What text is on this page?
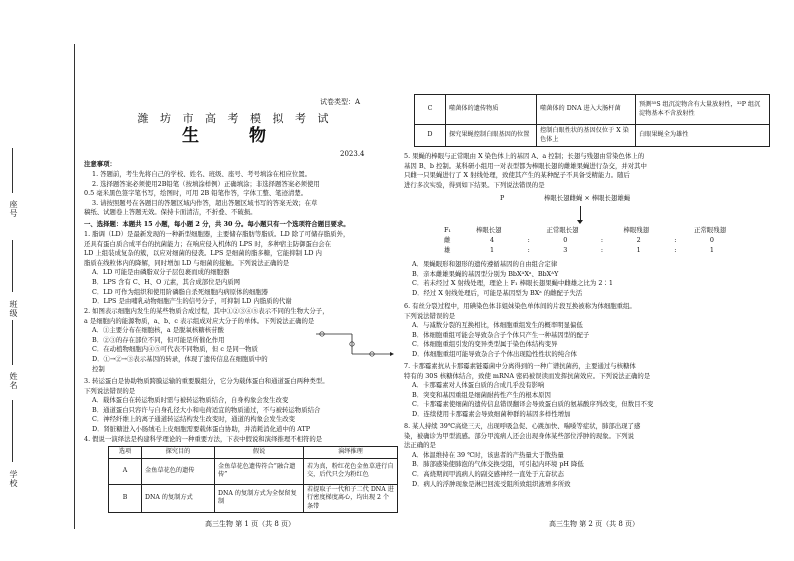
座号
班级
姓名
学校
试卷类型：A
潍 坊 市 高 考 模 拟 考 试
生 物
2023.4
注意事项：
1. 答题前，考生先将自己的学校、姓名、班级、座号、考号填涂在相应位置。
2. 选择题答案必须使用2B铅笔（按填涂样例）正确填涂；非选择题答案必须使用
0.5 毫米黑色签字笔书写，绘图时，可用 2B 铅笔作答，字体工整、笔迹清楚。
3. 请按照题号在各题目的答题区域内作答，超出答题区域书写的答案无效；在草
稿纸、试题卷上答题无效。保持卡面清洁，不折叠、不破损。
一、选择题：本题共 15 小题，每小题 2 分，共 30 分。每小题只有一个选项符合题目要求。
1. 脂调（LD）是最新发现的一种新型细胞器，主要储存脂肪等脂质。LD 除了可储存脂质外，
还具有蛋白质合成平台的抗菌能力；在响应侵入机体的 LPS 时，多种宿主防御蛋白会在
LD 上组装成复杂的簇，以应对细菌的侵袭。LPS 是细菌的脂多糖，它能抑制 LD 内
脂质在线粒体内的降解，同时增加 LD 与细菌的接触。下列说法正确的是
A．LD 可能是由磷脂双分子层包裹而成的细胞器
B．LPS 含有 C、H、O 元素，其合成部位是内质网
C．LD 可作为组织和使用阶磷脂自杀死细胞内病原体的细胞器
D．LPS 是由哺乳动物细胞产生的信号分子，可抑制 LD 内脂质的代谢
2. 如图表示细胞内发生的某些物质合成过程，其中①②③④⑤表示不同的生物大分子，
a 是细胞内的能源物质，a、b、c 表示组成对应大分子的单体。下列说法正确的是
A．①主要分布在细胞核，a 是脱氧核糖核苷酸
B．②③的存在部位不同，但可能是所催化作用
C．在动植物细胞内④⑤可代表不同物质，但 c 是同一物质
D．①→②→③表示基因的转录，体现了遗传信息在细胞质中的
控制
3. 转运蛋白是协助物质跨膜运输的重要膜组分，它分为载体蛋白和通道蛋白两种类型。
下列说法错误的是
A．载体蛋白在转运物质时需与被转运物质结合，自身构象会发生改变
B．通道蛋白只容许与自身孔径大小和电荷适宜的物质通过，不与被转运物质结合
C．神经纤维上的离子通道转运结构发生改变时，通道的构象会发生改变
D．肾脏糖进入小肠绒毛上皮细胞需要载体蛋白协助，并消耗消化道中的 ATP
4. 假说一演绎法是构建科学理论的一种重要方法，下表中假说和演绎推理不相符的是
选项	探究目的	假说	演绎推理
A	金鱼草花色的遗传	金鱼草花色遗传符合“融合遗传”	若为真，粉红花色金鱼草进行自交，后代只会为粉红色
B	DNA 的复制方式	DNA 的复制方式为全保留复制	若提取子一代和子二代 DNA 进行密度梯度离心，均出现 2 个条带
高三生物 第 1 页（共 8 页）
C	噬菌体的遗传物质	噬菌体的 DNA 进入大肠杆菌	预测³⁵S 组沉淀物含有大量放射性，³²P 组沉淀物基本不含放射性
D	探究果蝇控制白眼基因的位置	控制白眼性状的基因仅位于 X 染色体上	白眼果蝇全为雄性
5. 果蝇的棒眼与正常眼由 X 染色体上的基因 A、a 控制；长翅与残翅由常染色体上的
基因 B、b 控制。某科研小组用一对表型都为棒眼长翅的雌雄果蝇进行杂交，并对其中
只雌一只果蝇进行了 X 射线处理，致使其产生的某种配子不具备受精能力。随后
进行多次实验，得到如下结果。下列说法错误的是
P	棒眼长翅雌蝇 × 棒眼长翅雄蝇
F₁	棒眼长翅	正常眼长翅	棒眼残翅	正常眼残翅
雌	4	:	0	:	2	:	0
雄	1	:	3	:	1	:	1
A．果蝇眼形和翅形的遗传遵循基因的自由组合定律
B．亲本雌雄果蝇的基因型分别为 BbXᴬXᵃ、BbXᴬY
C．若未经过 X 射线处理，理论上 F₁ 棒眼长翅果蝇中雌雄之比为 2∶1
D．经过 X 射线处理后，可能是基因型为 BXᵃ 的雌配子失活
6. 有丝分裂过程中，用碘染色体非姐妹染色单体间的片段互换被称为体细胞重组。
下列说法错误的是
A．与减数分裂的互换相比，体细胞重组发生的概率明显偏低
B．体细胞重组可能会导致杂合子个体只产生一种基因型的配子
C．体细胞重组引发的变异类型属于染色体结构变异
D．体细胞重组可能导致杂合子个体出现隐性性状的纯合体
7. 卡那霉素抗从卡那霉素链霉菌中分离得到的一种广谱抗菌药，主要通过与核糖体
特有的 30S 核糖体结合，致使 mRNA 密码被误读而发挥抗菌效应。下列说法正确的是
A．卡那霉素对人体蛋白质的合成几乎没有影响
B．突变和基因重组是细菌耐药性产生的根本原因
C．卡那霉素使细菌的遗传信息错误翻译会导致蛋白质的氨基酸序列改变，但数目不变
D．连续使用卡那霉素会导致细菌种群的基因多样性增加
8. 某人持续 39℃高烧三天，出现呼吸急促、心跳加快、喘嗓等症状，肺部出现了感
染，被确诊为甲型流感。部分甲流病人还会出现身体某些部位浮肿的现象。下列说
法正确的是
A．体温维持在 39 ℃时，该患者的产热量大于散热量
B．肺部感染使肺泡的气体交换受阻，可引起内环境 pH 降低
C．高烧期间甲流病人的副交感神经一直处于亢奋状态
D．病人的浮肿现象是淋巴回流受阻所致组织液增多所致
高三生物 第 2 页（共 8 页）
